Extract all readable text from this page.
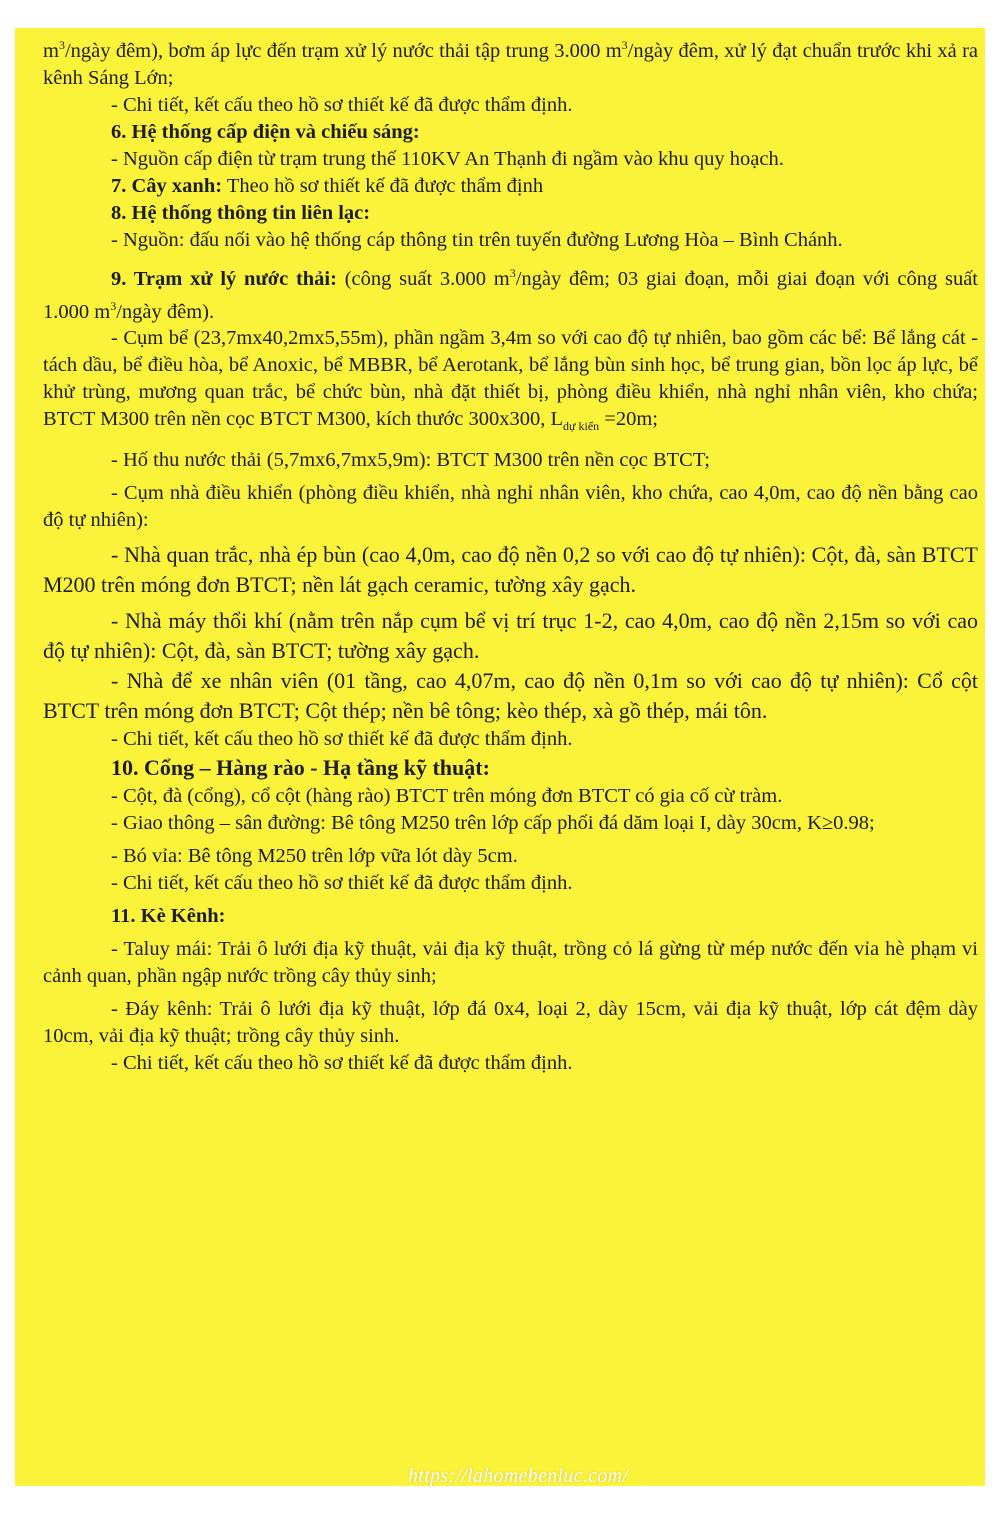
$m^3$/ngày đêm), bơm áp lực đến trạm xử lý nước thải tập trung 3.000 $m^3$/ngày đêm, xử lý đạt chuẩn trước khi xả ra kênh Sáng Lớn;

- Chi tiết, kết cấu theo hồ sơ thiết kế đã được thẩm định.

6. Hệ thống cấp điện và chiếu sáng:

- Nguồn cấp điện từ trạm trung thế 110KV An Thạnh đi ngầm vào khu quy hoạch.

7. Cây xanh: Theo hồ sơ thiết kế đã được thẩm định

8. Hệ thống thông tin liên lạc:

- Nguồn: đấu nối vào hệ thống cáp thông tin trên tuyến đường Lương Hòa – Bình Chánh.

9. Trạm xử lý nước thải: (công suất 3.000 $m^3$/ngày đêm; 03 giai đoạn, mỗi giai đoạn với công suất 1.000 $m^3$/ngày đêm).

- Cụm bể (23,7mx40,2mx5,55m), phần ngầm 3,4m so với cao độ tự nhiên, bao gồm các bể: Bể lắng cát - tách dầu, bể điều hòa, bể Anoxic, bể MBBR, bể Aerotank, bể lắng bùn sinh học, bể trung gian, bồn lọc áp lực, bể khử trùng, mương quan trắc, bể chức bùn, nhà đặt thiết bị, phòng điều khiển, nhà nghỉ nhân viên, kho chứa; BTCT M300 trên nền cọc BTCT M300, kích thước 300x300, $L_{dự kiến} =20m$;

- Hố thu nước thải (5,7mx6,7mx5,9m): BTCT M300 trên nền cọc BTCT;

- Cụm nhà điều khiển (phòng điều khiển, nhà nghỉ nhân viên, kho chứa, cao 4,0m, cao độ nền bằng cao độ tự nhiên):

- Nhà quan trắc, nhà ép bùn (cao 4,0m, cao độ nền 0,2 so với cao độ tự nhiên): Cột, đà, sàn BTCT M200 trên móng đơn BTCT; nền lát gạch ceramic, tường xây gạch.

- Nhà máy thổi khí (nằm trên nắp cụm bể vị trí trục 1-2, cao 4,0m, cao độ nền 2,15m so với cao độ tự nhiên): Cột, đà, sàn BTCT; tường xây gạch.

- Nhà để xe nhân viên (01 tầng, cao 4,07m, cao độ nền 0,1m so với cao độ tự nhiên): Cổ cột BTCT trên móng đơn BTCT; Cột thép; nền bê tông; kèo thép, xà gồ thép, mái tôn.

- Chi tiết, kết cấu theo hồ sơ thiết kế đã được thẩm định.

10. Cổng – Hàng rào - Hạ tầng kỹ thuật:

- Cột, đà (cổng), cổ cột (hàng rào) BTCT trên móng đơn BTCT có gia cố cừ tràm.

- Giao thông – sân đường: Bê tông M250 trên lớp cấp phối đá dăm loại I, dày 30cm, K≥0.98;

- Bó vỉa: Bê tông M250 trên lớp vữa lót dày 5cm.

- Chi tiết, kết cấu theo hồ sơ thiết kế đã được thẩm định.

11. Kè Kênh:

- Taluy mái: Trải ô lưới địa kỹ thuật, vải địa kỹ thuật, trồng cỏ lá gừng từ mép nước đến vỉa hè phạm vi cảnh quan, phần ngập nước trồng cây thủy sinh;

- Đáy kênh: Trải ô lưới địa kỹ thuật, lớp đá 0x4, loại 2, dày 15cm, vải địa kỹ thuật, lớp cát đệm dày 10cm, vải địa kỹ thuật; trồng cây thủy sinh.

- Chi tiết, kết cấu theo hồ sơ thiết kế đã được thẩm định.

https://lahomebenluc.com/
